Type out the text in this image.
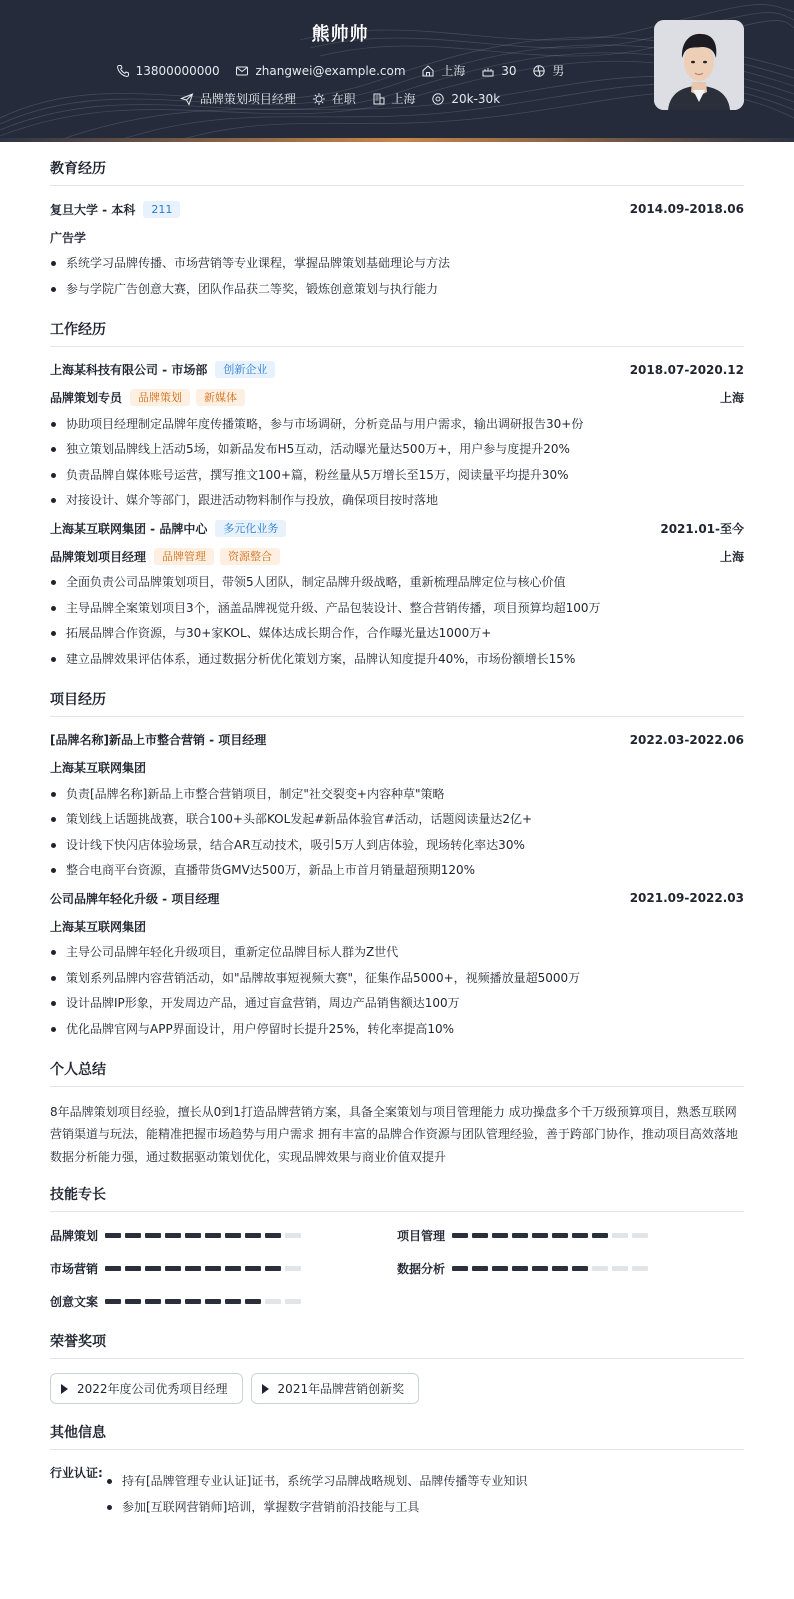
熊帅帅
13800000000
	zhangwei@example.com
	上海
	30
	男
品牌策划项目经理
	在职
	上海
	20k-30k
教育经历
复旦大学 - 本科	211	2014.09-2018.06
广告学
系统学习品牌传播、市场营销等专业课程，掌握品牌策划基础理论与方法
参与学院广告创意大赛，团队作品获二等奖，锻炼创意策划与执行能力
工作经历
上海某科技有限公司 - 市场部	创新企业	2018.07-2020.12
品牌策划专员	品牌策划	新媒体	上海
协助项目经理制定品牌年度传播策略，参与市场调研，分析竞品与用户需求，输出调研报告30+份
独立策划品牌线上活动5场，如新品发布H5互动，活动曝光量达500万+，用户参与度提升20%
负责品牌自媒体账号运营，撰写推文100+篇，粉丝量从5万增长至15万，阅读量平均提升30%
对接设计、媒介等部门，跟进活动物料制作与投放，确保项目按时落地
上海某互联网集团 - 品牌中心	多元化业务	2021.01-至今
品牌策划项目经理	品牌管理	资源整合	上海
全面负责公司品牌策划项目，带领5人团队，制定品牌升级战略，重新梳理品牌定位与核心价值
主导品牌全案策划项目3个，涵盖品牌视觉升级、产品包装设计、整合营销传播，项目预算均超100万
拓展品牌合作资源，与30+家KOL、媒体达成长期合作，合作曝光量达1000万+
建立品牌效果评估体系，通过数据分析优化策划方案，品牌认知度提升40%，市场份额增长15%
项目经历
[品牌名称]新品上市整合营销 - 项目经理	2022.03-2022.06
上海某互联网集团
负责[品牌名称]新品上市整合营销项目，制定"社交裂变+内容种草"策略
策划线上话题挑战赛，联合100+头部KOL发起#新品体验官#活动，话题阅读量达2亿+
设计线下快闪店体验场景，结合AR互动技术，吸引5万人到店体验，现场转化率达30%
整合电商平台资源，直播带货GMV达500万，新品上市首月销量超预期120%
公司品牌年轻化升级 - 项目经理	2021.09-2022.03
上海某互联网集团
主导公司品牌年轻化升级项目，重新定位品牌目标人群为Z世代
策划系列品牌内容营销活动，如"品牌故事短视频大赛"，征集作品5000+，视频播放量超5000万
设计品牌IP形象，开发周边产品，通过盲盒营销，周边产品销售额达100万
优化品牌官网与APP界面设计，用户停留时长提升25%，转化率提高10%
个人总结
8年品牌策划项目经验，擅长从0到1打造品牌营销方案，具备全案策划与项目管理能力 成功操盘多个千万级预算项目，熟悉互联网
营销渠道与玩法，能精准把握市场趋势与用户需求 拥有丰富的品牌合作资源与团队管理经验，善于跨部门协作，推动项目高效落地
数据分析能力强，通过数据驱动策划优化，实现品牌效果与商业价值双提升
技能专长
品牌策划	项目管理
市场营销	数据分析
创意文案
荣誉奖项
2022年度公司优秀项目经理	2021年品牌营销创新奖
其他信息
行业认证:
持有[品牌管理专业认证]证书，系统学习品牌战略规划、品牌传播等专业知识
参加[互联网营销师]培训，掌握数字营销前沿技能与工具
